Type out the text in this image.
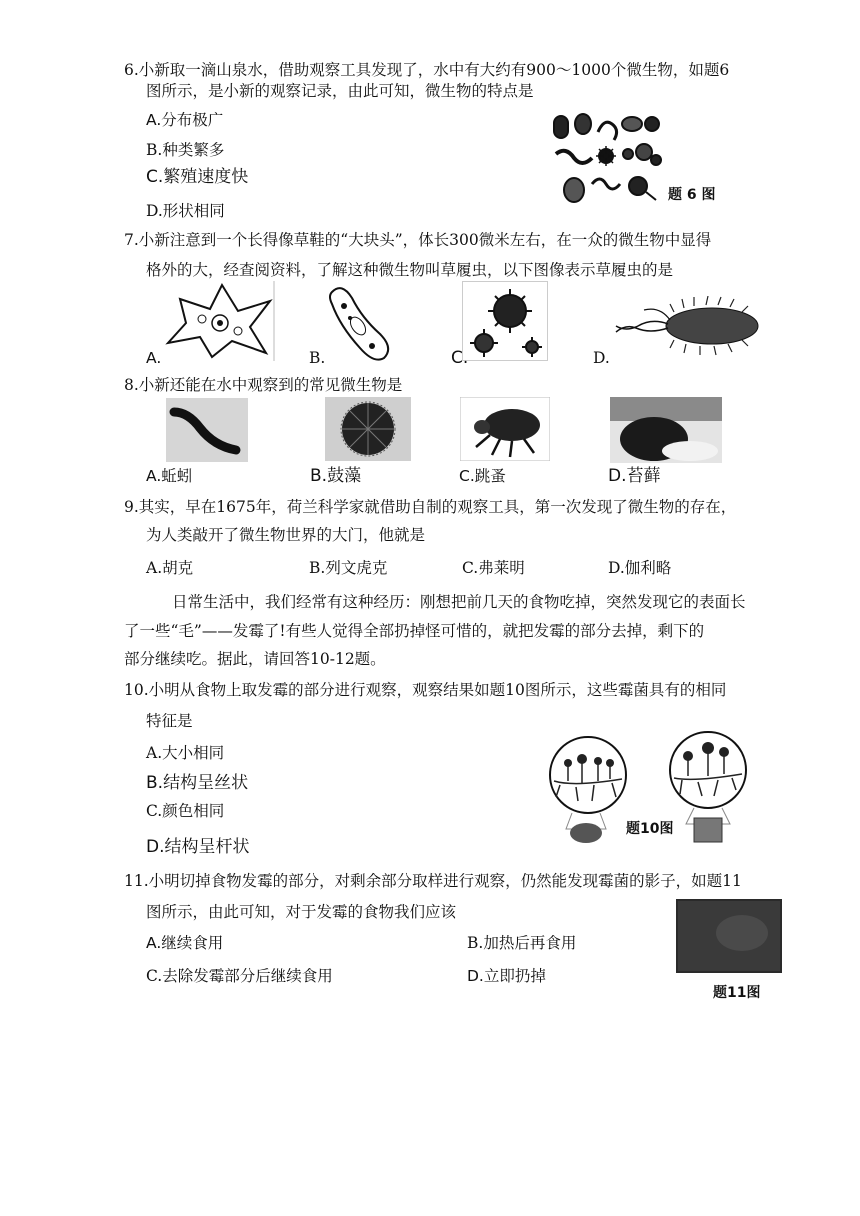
6.小新取一滴山泉水，借助观察工具发现了，水中有大约有900～1000个微生物，如题6
图所示，是小新的观察记录，由此可知，微生物的特点是
A.分布极广
B.种类繁多
C.繁殖速度快
D.形状相同
题 6 图
7.小新注意到一个长得像草鞋的“大块头”，体长300微米左右，在一众的微生物中显得
格外的大，经查阅资料，了解这种微生物叫草履虫，以下图像表示草履虫的是
A.	B.	C.	D.
8.小新还能在水中观察到的常见微生物是
A.蚯蚓	B.鼓藻	C.跳蚤	D.苔藓
9.其实，早在1675年，荷兰科学家就借助自制的观察工具，第一次发现了微生物的存在，
为人类敲开了微生物世界的大门，他就是
A.胡克	B.列文虎克	C.弗莱明	D.伽利略
日常生活中，我们经常有这种经历：刚想把前几天的食物吃掉，突然发现它的表面长
了一些“毛”——发霉了!有些人觉得全部扔掉怪可惜的，就把发霉的部分去掉，剩下的
部分继续吃。据此，请回答10-12题。
10.小明从食物上取发霉的部分进行观察，观察结果如题10图所示，这些霉菌具有的相同
特征是
A.大小相同
B.结构呈丝状
C.颜色相同
D.结构呈杆状
题10图
11.小明切掉食物发霉的部分，对剩余部分取样进行观察，仍然能发现霉菌的影子，如题11
图所示，由此可知，对于发霉的食物我们应该
A.继续食用	B.加热后再食用
C.去除发霉部分后继续食用	D.立即扔掉
题11图
